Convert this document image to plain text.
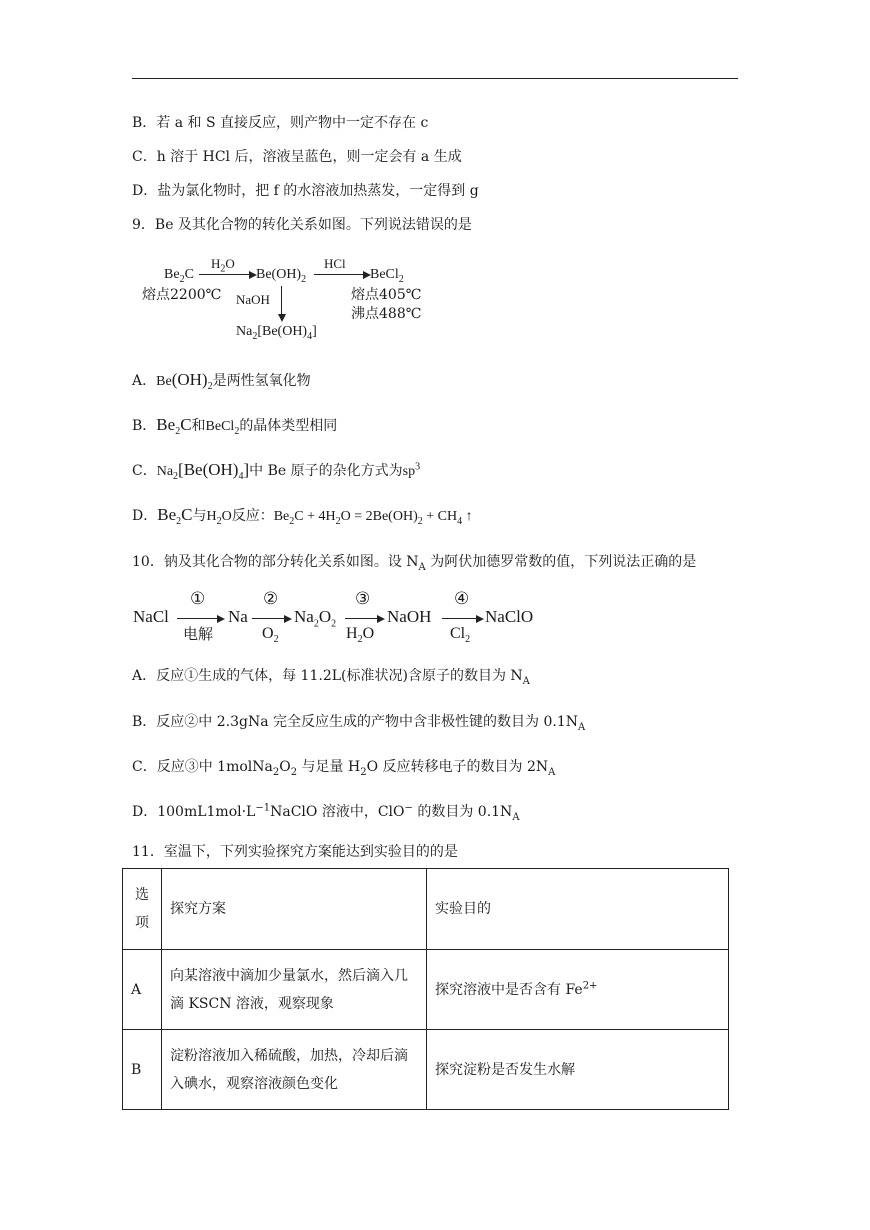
B．若 a 和 S 直接反应，则产物中一定不存在 c
C．h 溶于 HCl 后，溶液呈蓝色，则一定会有 a 生成
D．盐为氯化物时，把 f 的水溶液加热蒸发，一定得到 g
9．Be 及其化合物的转化关系如图。下列说法错误的是
$Be_2C$
熔点2200℃
$H_2O$
$Be(OH)_2$
HCl
BeCl$_2$
熔点405℃
沸点488℃
NaOH
$Na_2[Be(OH)_4]$
A．$Be(OH)_2$是两性氢氧化物
B．$Be_2C$和BeCl$_2$的晶体类型相同
C．$Na_2[Be(OH)_4]$中 Be 原子的杂化方式为$sp^3$
D．$Be_2C$与$H_2O$反应：$Be_2C + 4H_2O = 2Be(OH)_2 + CH_4$ ↑
10．钠及其化合物的部分转化关系如图。设 $N_A$ 为阿伏加德罗常数的值，下列说法正确的是
NaCl
①
电解
Na
②
$O_2$
$Na_2O_2$
③
$H_2O$
NaOH
④
$Cl_2$
NaClO
A．反应①生成的气体，每 11.2L(标准状况)含原子的数目为 $N_A$
B．反应②中 2.3gNa 完全反应生成的产物中含非极性键的数目为 $0.1N_A$
C．反应③中 $1molNa_2O_2$ 与足量 $H_2O$ 反应转移电子的数目为 $2N_A$
D．$100mL1mol\cdot L^{-1}NaClO$ 溶液中，ClO− 的数目为 $0.1N_A$
11．室温下，下列实验探究方案能达到实验目的的是
选项	探究方案	实验目的
A	向某溶液中滴加少量氯水，然后滴入几滴 KSCN 溶液，观察现象	探究溶液中是否含有 $Fe^{2+}$
B	淀粉溶液加入稀硫酸，加热，冷却后滴入碘水，观察溶液颜色变化	探究淀粉是否发生水解
